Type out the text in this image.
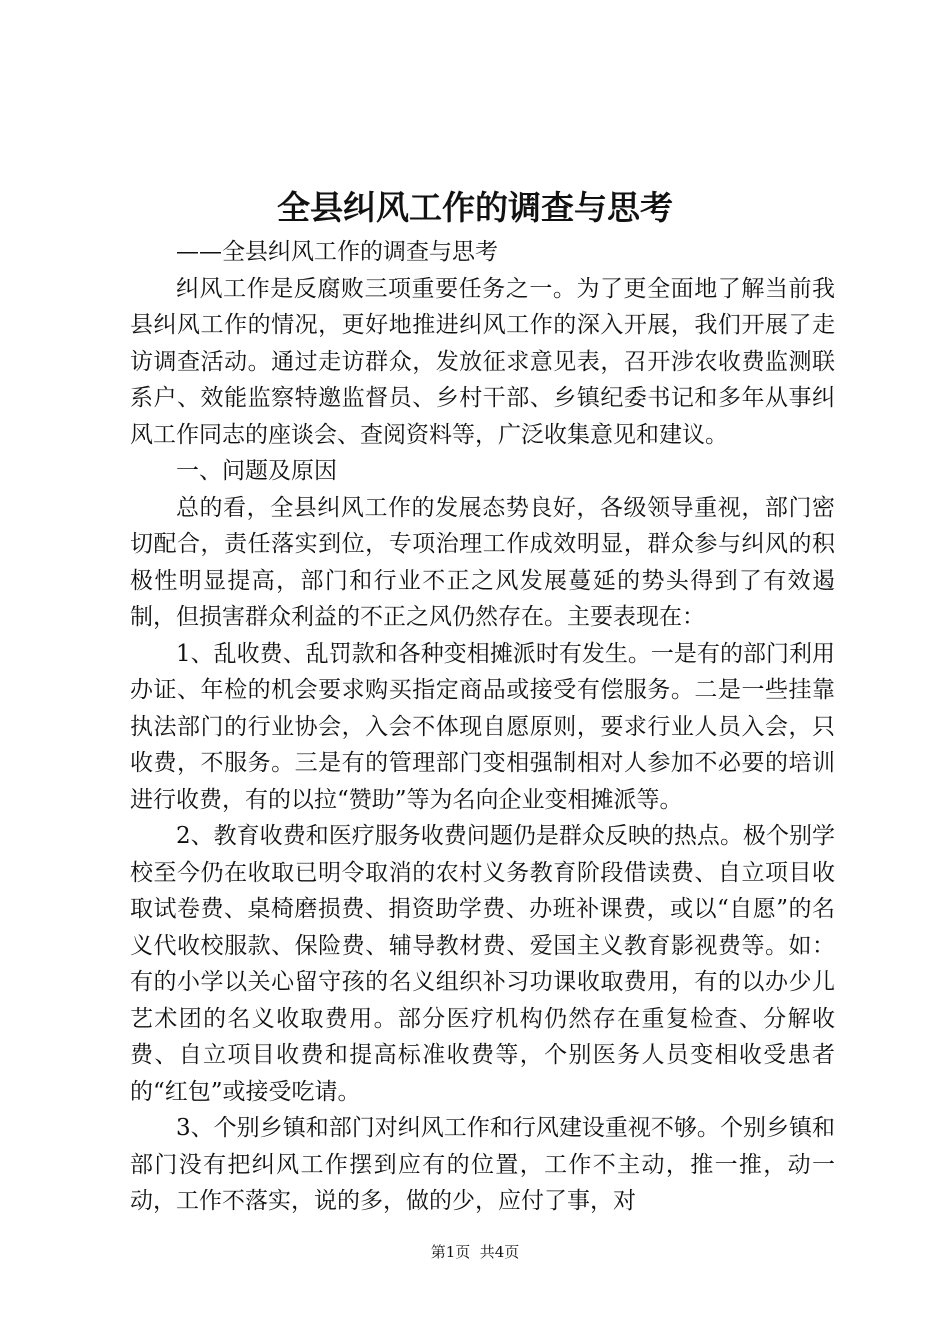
全县纠风工作的调查与思考

——全县纠风工作的调查与思考

纠风工作是反腐败三项重要任务之一。为了更全面地了解当前我县纠风工作的情况，更好地推进纠风工作的深入开展，我们开展了走访调查活动。通过走访群众，发放征求意见表，召开涉农收费监测联系户、效能监察特邀监督员、乡村干部、乡镇纪委书记和多年从事纠风工作同志的座谈会、查阅资料等，广泛收集意见和建议。

一、问题及原因

总的看，全县纠风工作的发展态势良好，各级领导重视，部门密切配合，责任落实到位，专项治理工作成效明显，群众参与纠风的积极性明显提高，部门和行业不正之风发展蔓延的势头得到了有效遏制，但损害群众利益的不正之风仍然存在。主要表现在：

1、乱收费、乱罚款和各种变相摊派时有发生。一是有的部门利用办证、年检的机会要求购买指定商品或接受有偿服务。二是一些挂靠执法部门的行业协会，入会不体现自愿原则，要求行业人员入会，只收费，不服务。三是有的管理部门变相强制相对人参加不必要的培训进行收费，有的以拉“赞助”等为名向企业变相摊派等。

2、教育收费和医疗服务收费问题仍是群众反映的热点。极个别学校至今仍在收取已明令取消的农村义务教育阶段借读费、自立项目收取试卷费、桌椅磨损费、捐资助学费、办班补课费，或以“自愿”的名义代收校服款、保险费、辅导教材费、爱国主义教育影视费等。如：有的小学以关心留守孩的名义组织补习功课收取费用，有的以办少儿艺术团的名义收取费用。部分医疗机构仍然存在重复检查、分解收费、自立项目收费和提高标准收费等，个别医务人员变相收受患者的“红包”或接受吃请。

3、个别乡镇和部门对纠风工作和行风建设重视不够。个别乡镇和部门没有把纠风工作摆到应有的位置，工作不主动，推一推，动一动，工作不落实，说的多，做的少，应付了事，对

第1页  共4页
